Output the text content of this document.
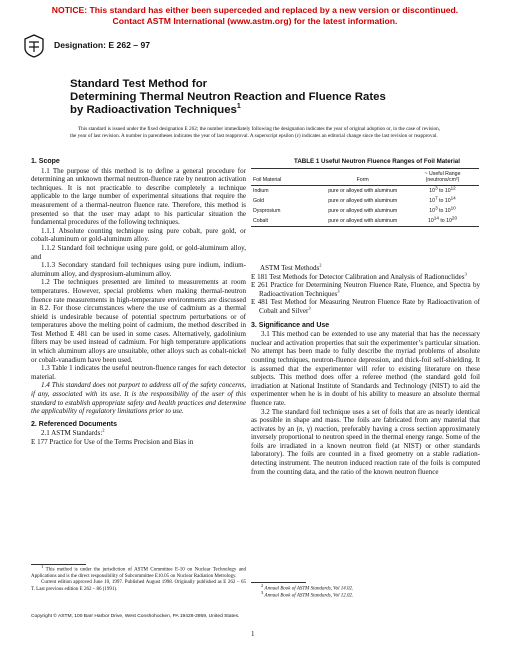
NOTICE: This standard has either been superceded and replaced by a new version or discontinued.
Contact ASTM International (www.astm.org) for the latest information.
Designation: E 262 – 97
Standard Test Method for
Determining Thermal Neutron Reaction and Fluence Rates
by Radioactivation Techniques$^1$
This standard is issued under the fixed designation E 262; the number immediately following the designation indicates the year of original adoption or, in the case of revision, the year of last revision. A number in parentheses indicates the year of last reapproval. A superscript epsilon (ε) indicates an editorial change since the last revision or reapproval.

1. Scope

1.1 The purpose of this method is to define a general procedure for determining an unknown thermal neutron-fluence rate by neutron activation techniques. It is not practicable to describe completely a technique applicable to the large number of experimental situations that require the measurement of a thermal-neutron fluence rate. Therefore, this method is presented so that the user may adapt to his particular situation the fundamental procedures of the following techniques.

1.1.1 Absolute counting technique using pure cobalt, pure gold, or cobalt-aluminum or gold-aluminum alloy.

1.1.2 Standard foil technique using pure gold, or gold-aluminum alloy, and

1.1.3 Secondary standard foil techniques using pure indium, indium-aluminum alloy, and dysprosium-aluminum alloy.

1.2 The techniques presented are limited to measurements at room temperatures. However, special problems when making thermal-neutron fluence rate measurements in high-temperature environments are discussed in 8.2. For those circumstances where the use of cadmium as a thermal shield is undesirable because of potential spectrum perturbations or of temperatures above the melting point of cadmium, the method described in Test Method E 481 can be used in some cases. Alternatively, gadolinium filters may be used instead of cadmium. For high temperature applications in which aluminum alloys are unsuitable, other alloys such as cobalt-nickel or cobalt-vanadium have been used.

1.3 Table 1 indicates the useful neutron-fluence ranges for each detector material.

1.4 This standard does not purport to address all of the safety concerns, if any, associated with its use. It is the responsibility of the user of this standard to establish appropriate safety and health practices and determine the applicability of regulatory limitations prior to use.

2. Referenced Documents

2.1 ASTM Standards:$^2$

E 177 Practice for Use of the Terms Precision and Bias in

$^1$ This method is under the jurisdiction of ASTM Committee E-10 on Nuclear Technology and Applications and is the direct responsibility of Subcommittee E10.05 on Nuclear Radiation Metrology.

Current edition approved June 10, 1997. Published August 1998. Originally published as E 262 – 65 T. Last previous edition E 262 – 86 (1991).

TABLE 1 Useful Neutron Fluence Ranges of Foil Material
Foil Material	Form	~ Useful Range (neutrons/cm²)
Indium	pure or alloyed with aluminum	$10^3$ to $10^{12}$
Gold	pure or alloyed with aluminum	$10^7$ to $10^{14}$
Dysprosium	pure or alloyed with aluminum	$10^3$ to $10^{10}$
Cobalt	pure or alloyed with aluminum	$10^{14}$ to $10^{20}$

ASTM Test Methods$^2$

E 181 Test Methods for Detector Calibration and Analysis of Radionuclides$^3$

E 261 Practice for Determining Neutron Fluence Rate, Fluence, and Spectra by Radioactivation Techniques$^3$

E 481 Test Method for Measuring Neutron Fluence Rate by Radioactivation of Cobalt and Silver$^3$

3. Significance and Use

3.1 This method can be extended to use any material that has the necessary nuclear and activation properties that suit the experimenter’s particular situation. No attempt has been made to fully describe the myriad problems of absolute counting techniques, neutron-fluence depression, and thick-foil self-shielding. It is assumed that the experimenter will refer to existing literature on these subjects. This method does offer a referee method (the standard gold foil irradiation at National Institute of Standards and Technology (NIST) to aid the experimenter when he is in doubt of his ability to measure an absolute thermal fluence rate.

3.2 The standard foil technique uses a set of foils that are as nearly identical as possible in shape and mass. The foils are fabricated from any material that activates by an (n, γ) reaction, preferably having a cross section approximately inversely proportional to neutron speed in the thermal energy range. Some of the foils are irradiated in a known neutron field (at NIST) or other standards laboratory). The foils are counted in a fixed geometry on a stable radiation-detecting instrument. The neutron induced reaction rate of the foils is computed from the counting data, and the ratio of the known neutron fluence

$^2$ Annual Book of ASTM Standards, Vol 14.02.

$^3$ Annual Book of ASTM Standards, Vol 12.02.

Copyright © ASTM, 100 Barr Harbor Drive, West Conshohocken, PA 19428-2959, United States.
1
